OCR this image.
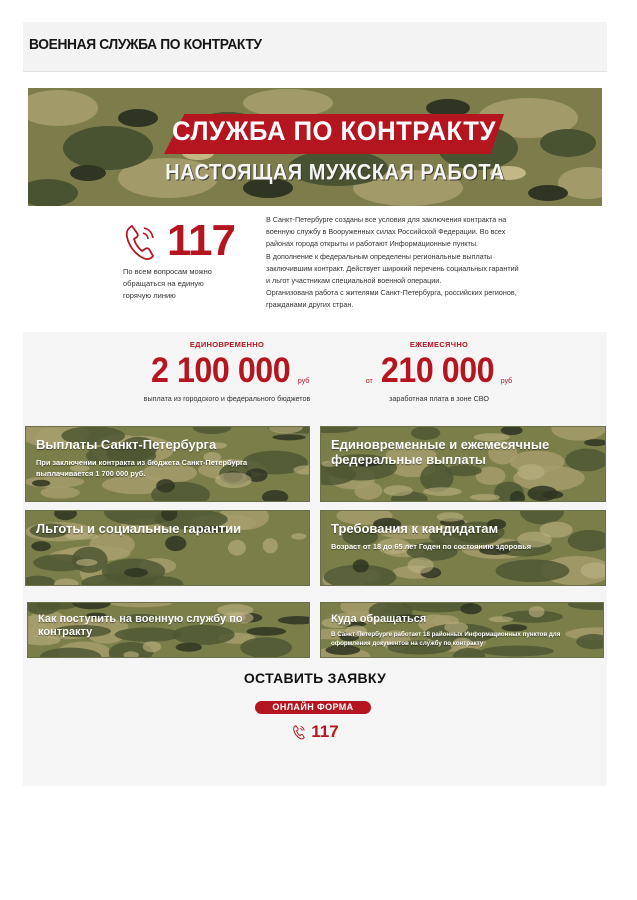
ВОЕННАЯ СЛУЖБА ПО КОНТРАКТУ
СЛУЖБА ПО КОНТРАКТУ
НАСТОЯЩАЯ МУЖСКАЯ РАБОТА
117
По всем вопросам можно обращаться на единую горячую линию

В Санкт-Петербурге созданы все условия для заключения контракта на военную службу в Вооруженных силах Российской Федерации. Во всех районах города открыты и работают Информационные пункты.

В дополнение к федеральным определены региональные выплаты заключившим контракт. Действует широкий перечень социальных гарантий и льгот участникам специальной военной операции.

Организована работа с жителями Санкт-Петербурга, российских регионов, гражданами других стран.

ЕДИНОВРЕМЕННО
2 100 000 руб
выплата из городского и федерального бюджетов
ЕЖЕМЕСЯЧНО
от 210 000 руб
заработная плата в зоне СВО
Выплаты Санкт-Петербурга
При заключении контракта из бюджета Санкт-Петербурга выплачивается 1 700 000 руб.
Единовременные и ежемесячные федеральные выплаты
Льготы и социальные гарантии	Требования к кандидатам
Возраст от 18 до 65 лет Годен по состоянию здоровья
Как поступить на военную службу по контракту
Куда обращаться
В Санкт-Петербурге работает 18 районных Информационных пунктов для оформления документов на службу по контракту
ОСТАВИТЬ ЗАЯВКУ
ОНЛАЙН ФОРМА
117
